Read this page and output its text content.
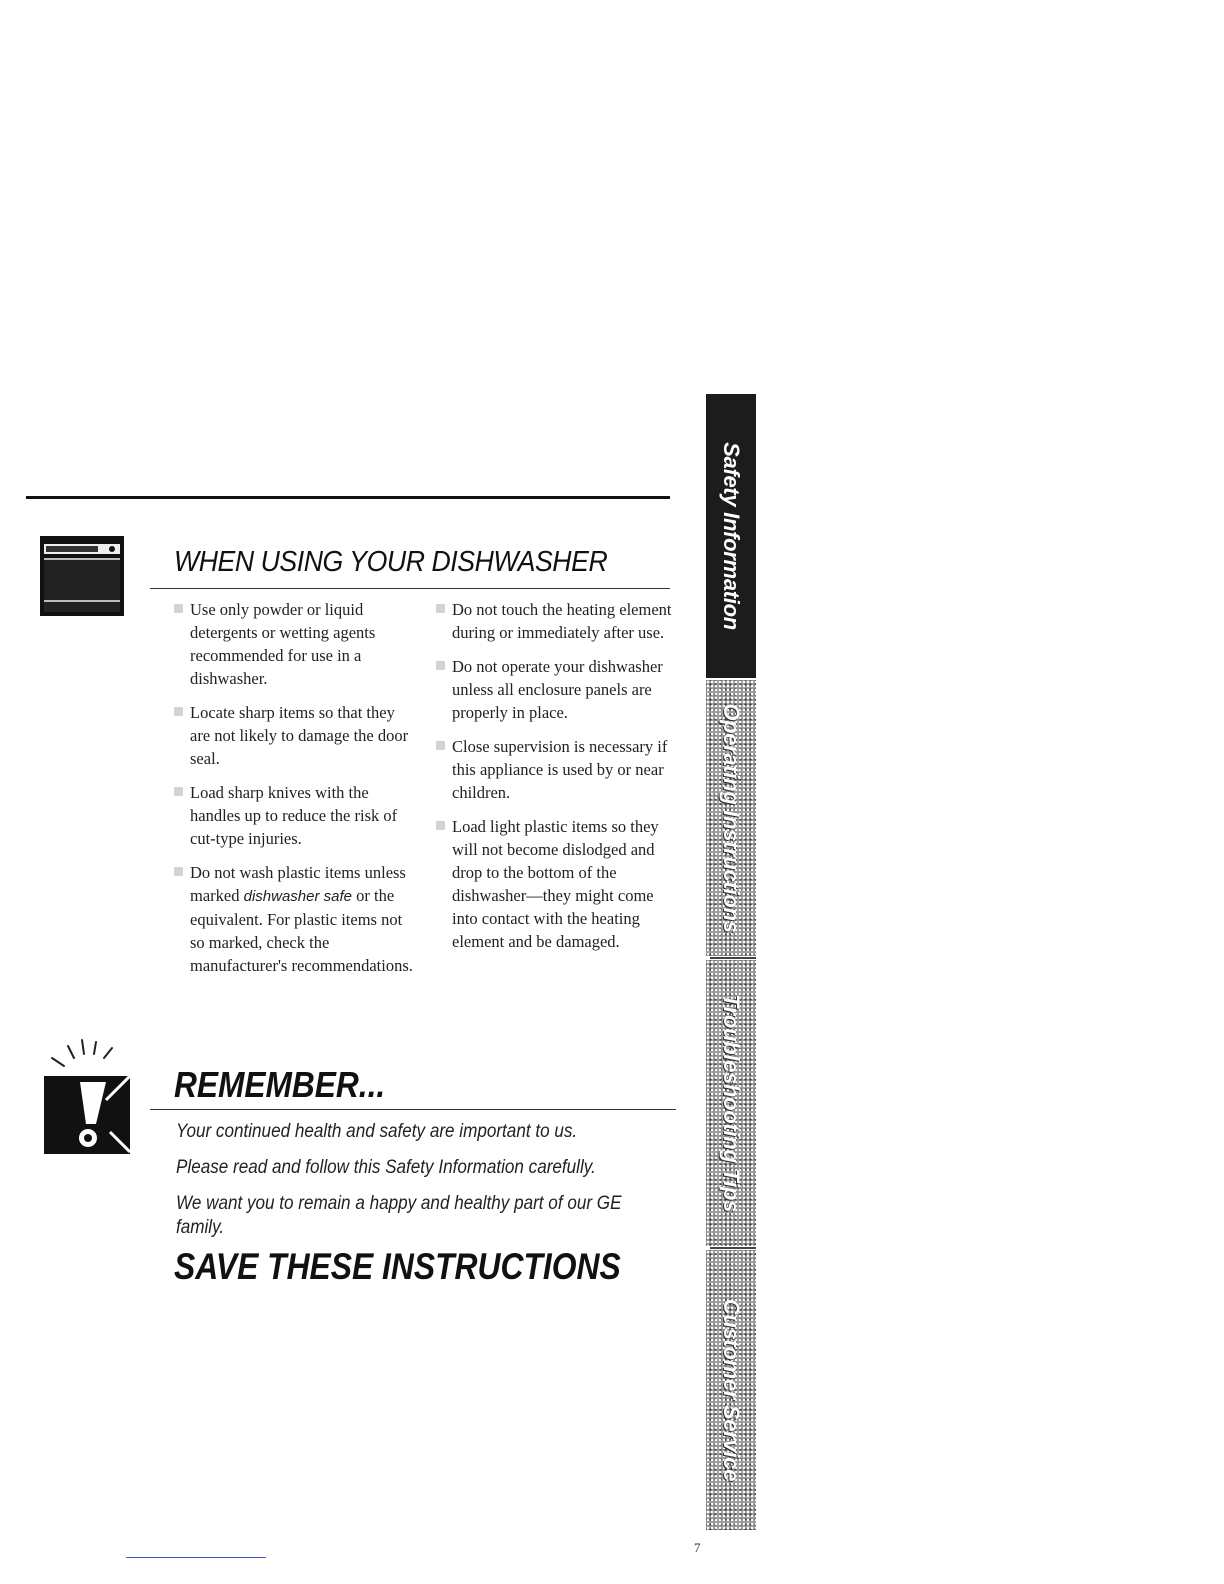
WHEN USING YOUR DISHWASHER
Use only powder or liquid detergents or wetting agents recommended for use in a dishwasher.
Locate sharp items so that they are not likely to damage the door seal.
Load sharp knives with the handles up to reduce the risk of cut-type injuries.
Do not wash plastic items unless marked dishwasher safe or the equivalent. For plastic items not so marked, check the manufacturer's recommendations.
Do not touch the heating element during or immediately after use.
Do not operate your dishwasher unless all enclosure panels are properly in place.
Close supervision is necessary if this appliance is used by or near children.
Load light plastic items so they will not become dislodged and drop to the bottom of the dishwasher—they might come into contact with the heating element and be damaged.
REMEMBER...
Your continued health and safety are important to us.
Please read and follow this Safety Information carefully.
We want you to remain a happy and healthy part of our GE family.
SAVE THESE INSTRUCTIONS
Safety Information
Operating Instructions
Troubleshooting Tips
Customer Service
7
